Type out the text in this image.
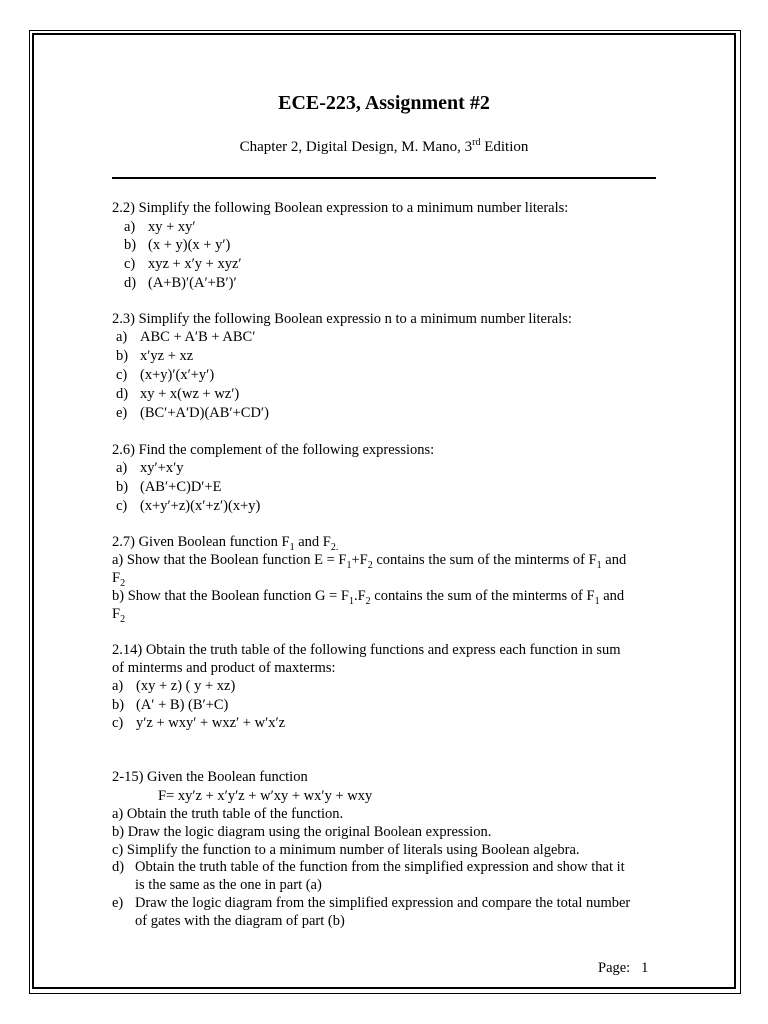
ECE-223, Assignment #2
Chapter 2, Digital Design, M. Mano, 3rd Edition
2.2) Simplify the following Boolean expression to a minimum number literals:
a) xy + xy′
b) (x + y)(x + y′)
c) xyz + x′y + xyz′
d) (A+B)′(A′+B′)′
2.3) Simplify the following Boolean expressio n to a minimum number literals:
a) ABC + A′B + ABC′
b) x′yz + xz
c) (x+y)′(x′+y′)
d) xy + x(wz + wz′)
e) (BC′+A′D)(AB′+CD′)
2.6) Find the complement of the following expressions:
a) xy′+x′y
b) (AB′+C)D′+E
c) (x+y′+z)(x′+z′)(x+y)
2.7) Given Boolean function $F_1$ and $F_{2.}$
a) Show that the Boolean function $E = F_1+F_2$ contains the sum of the minterms of $F_1$ and
$F_2$
b) Show that the Boolean function $G = F_1.F_2$ contains the sum of the minterms of $F_1$ and
$F_2$
2.14) Obtain the truth table of the following functions and express each function in sum
of minterms and product of maxterms:
a) (xy + z) ( y + xz)
b) (A′ + B) (B′+C)
c) y′z + wxy′ + wxz′ + w′x′z
2-15) Given the Boolean function
F= xy′z + x′y′z + w′xy + wx′y + wxy
a) Obtain the truth table of the function.
b) Draw the logic diagram using the original Boolean expression.
c) Simplify the function to a minimum number of literals using Boolean algebra.
d) Obtain the truth table of the function from the simplified expression and show that it
is the same as the one in part (a)
e) Draw the logic diagram from the simplified expression and compare the total number
of gates with the diagram of part (b)
Page: 1
